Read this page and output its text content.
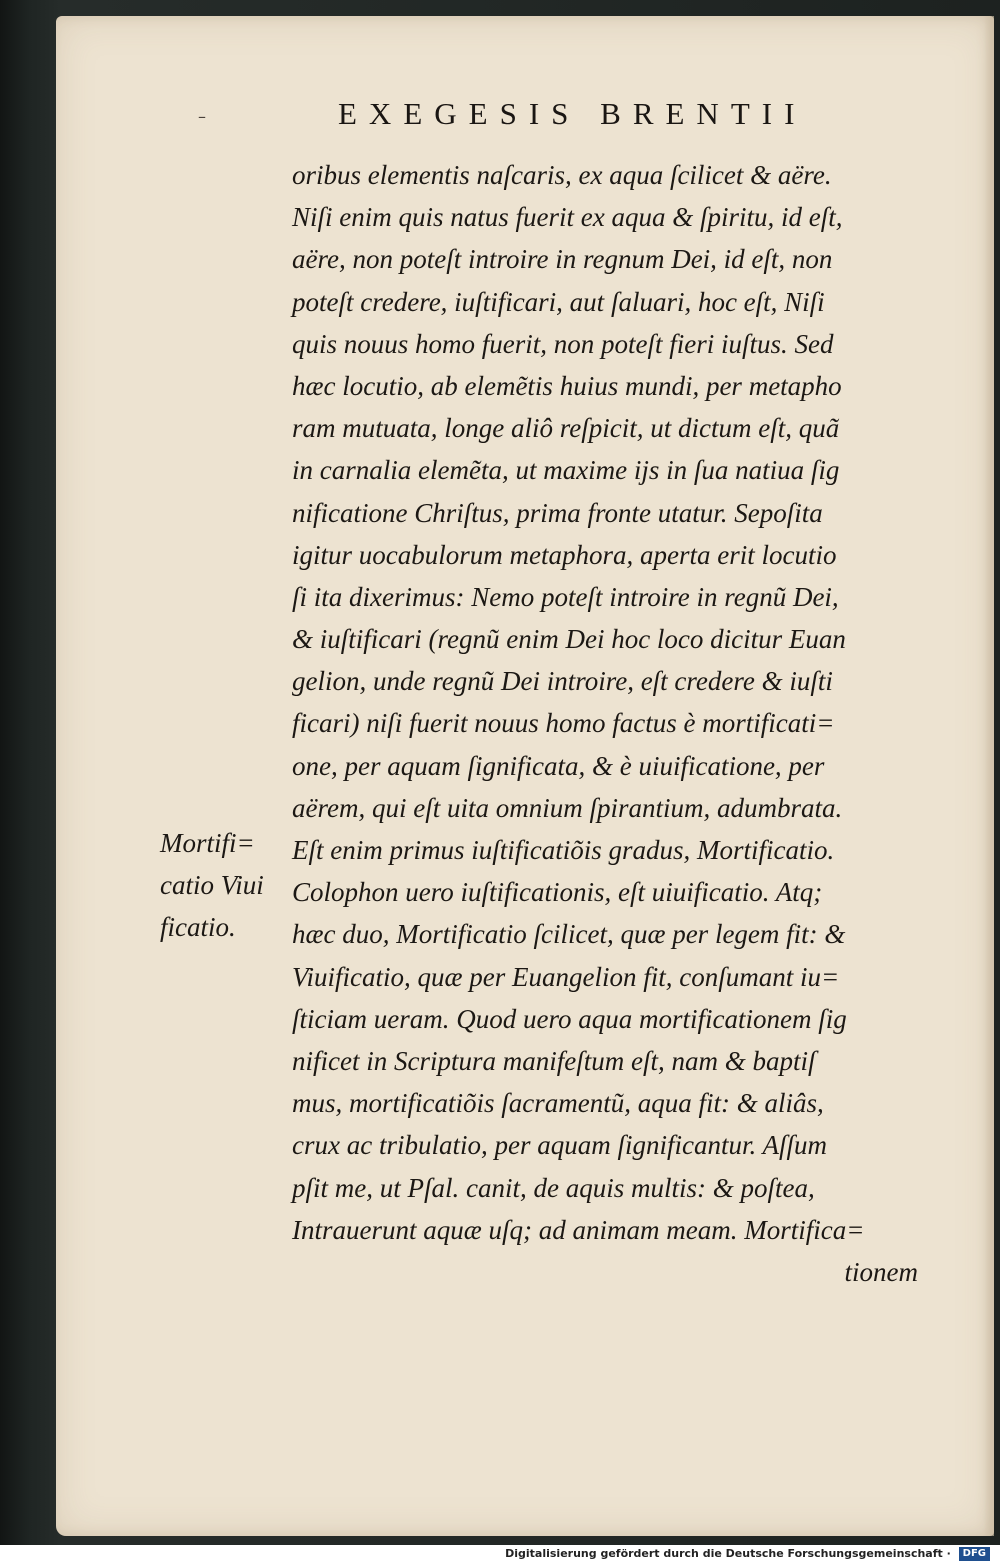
–	EXEGESIS BRENTII
oribus elementis naſcaris, ex aqua ſcilicet & aëre.
Niſi enim quis natus fuerit ex aqua & ſpiritu, id eſt,
aëre, non poteſt introire in regnum Dei, id eſt, non
poteſt credere, iuſtificari, aut ſaluari, hoc eſt, Niſi
quis nouus homo fuerit, non poteſt fieri iuſtus. Sed
hæc locutio, ab elemẽtis huius mundi, per metapho
ram mutuata, longe aliô reſpicit, ut dictum eſt, quã
in carnalia elemẽta, ut maxime ijs in ſua natiua ſig
nificatione Chriſtus, prima fronte utatur. Sepoſita
igitur uocabulorum metaphora, aperta erit locutio
ſi ita dixerimus: Nemo poteſt introire in regnũ Dei,
& iuſtificari (regnũ enim Dei hoc loco dicitur Euan
gelion, unde regnũ Dei introire, eſt credere & iuſti
ficari) niſi fuerit nouus homo factus è mortificati=
one, per aquam ſignificata, & è uiuificatione, per
aërem, qui eſt uita omnium ſpirantium, adumbrata.
Eſt enim primus iuſtificatiõis gradus, Mortificatio.
Colophon uero iuſtificationis, eſt uiuificatio. Atq;
hæc duo, Mortificatio ſcilicet, quæ per legem fit: &
Viuificatio, quæ per Euangelion fit, conſumant iu=
ſticiam ueram. Quod uero aqua mortificationem ſig
nificet in Scriptura manifeſtum eſt, nam & baptiſ
mus, mortificatiõis ſacramentũ, aqua fit: & aliâs,
crux ac tribulatio, per aquam ſignificantur. Aſſum
pſit me, ut Pſal. canit, de aquis multis: & poſtea,
Intrauerunt aquæ uſq; ad animam meam. Mortifica=
tionem
Mortifi=
catio Viui
ficatio.
Digitalisierung gefördert durch die Deutsche Forschungsgemeinschaft · DFG
